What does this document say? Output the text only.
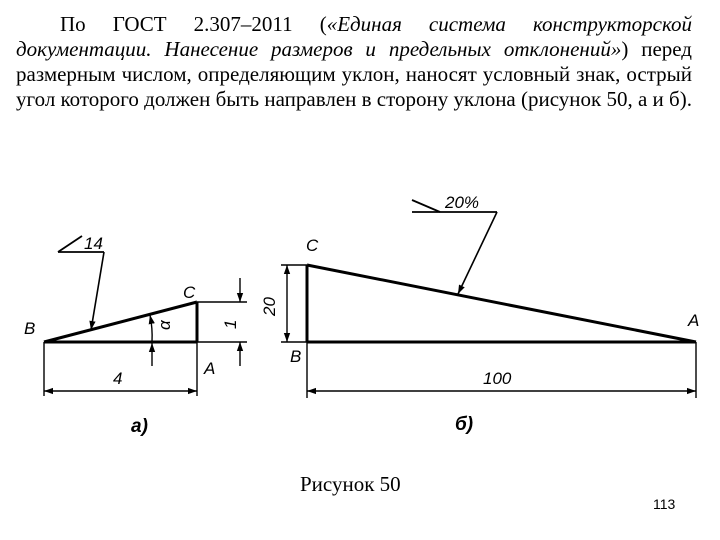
По ГОСТ 2.307–2011 («Единая система конструкторской документации. Нанесение размеров и предельных отклонений») перед размерным числом, определяющим уклон, наносят условный знак, острый угол которого должен быть направлен в сторону уклона (рисунок 50, а и б).

14
B
C
A
α	1
4
а)
20%
C
B
A
20
100
б)
Рисунок 50
113
